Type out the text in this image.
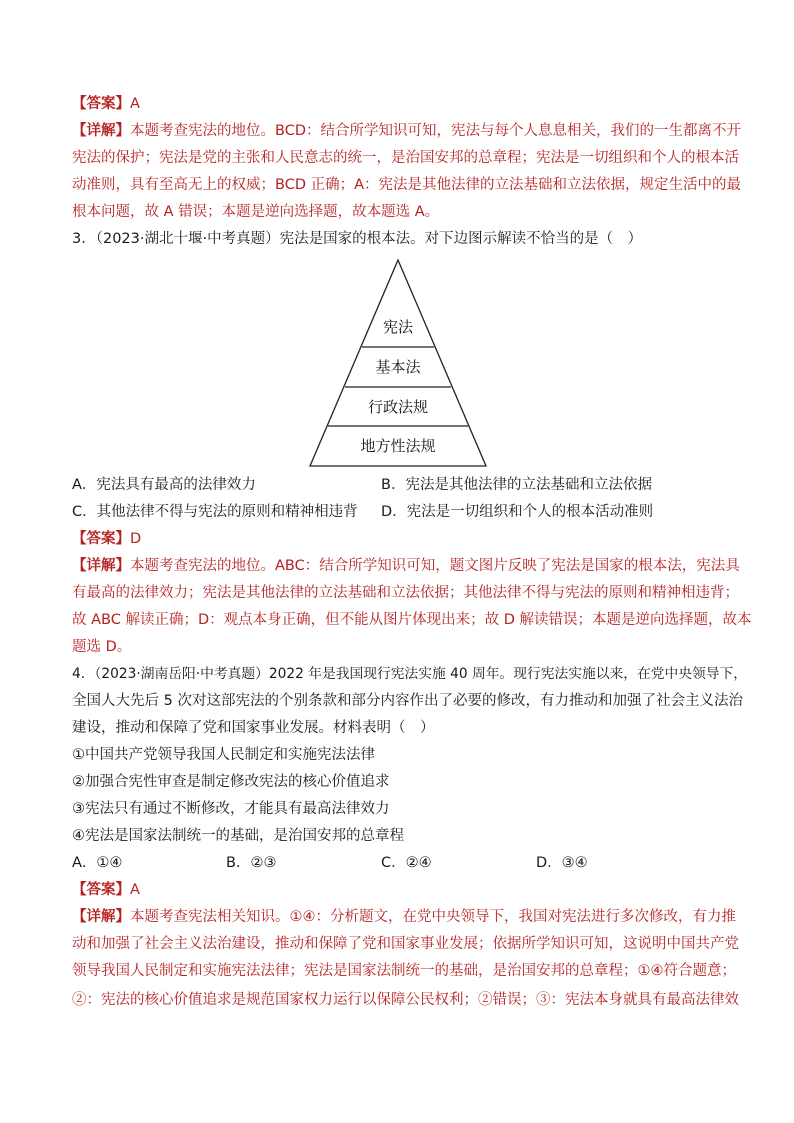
【答案】A
【详解】本题考查宪法的地位。BCD：结合所学知识可知，宪法与每个人息息相关，我们的一生都离不开
宪法的保护；宪法是党的主张和人民意志的统一，是治国安邦的总章程；宪法是一切组织和个人的根本活
动准则，具有至高无上的权威；BCD 正确；A：宪法是其他法律的立法基础和立法依据，规定生活中的最
根本问题，故 A 错误；本题是逆向选择题，故本题选 A。
3．（2023·湖北十堰·中考真题）宪法是国家的根本法。对下边图示解读不恰当的是（　）
宪法
基本法
行政法规
地方性法规
A．宪法具有最高的法律效力	B．宪法是其他法律的立法基础和立法依据
C．其他法律不得与宪法的原则和精神相违背 D．宪法是一切组织和个人的根本活动准则
【答案】D
【详解】本题考查宪法的地位。ABC：结合所学知识可知，题文图片反映了宪法是国家的根本法，宪法具
有最高的法律效力；宪法是其他法律的立法基础和立法依据；其他法律不得与宪法的原则和精神相违背；
故 ABC 解读正确；D：观点本身正确，但不能从图片体现出来；故 D 解读错误；本题是逆向选择题，故本
题选 D。
4．（2023·湖南岳阳·中考真题）2022 年是我国现行宪法实施 40 周年。现行宪法实施以来，在党中央领导下，
全国人大先后 5 次对这部宪法的个别条款和部分内容作出了必要的修改，有力推动和加强了社会主义法治
建设，推动和保障了党和国家事业发展。材料表明（　）
①中国共产党领导我国人民制定和实施宪法法律
②加强合宪性审查是制定修改宪法的核心价值追求
③宪法只有通过不断修改，才能具有最高法律效力
④宪法是国家法制统一的基础，是治国安邦的总章程
A．①④	B．②③	C．②④	D．③④
【答案】A
【详解】本题考查宪法相关知识。①④：分析题文，在党中央领导下，我国对宪法进行多次修改，有力推
动和加强了社会主义法治建设，推动和保障了党和国家事业发展；依据所学知识可知，这说明中国共产党
领导我国人民制定和实施宪法法律；宪法是国家法制统一的基础，是治国安邦的总章程；①④符合题意；
②：宪法的核心价值追求是规范国家权力运行以保障公民权利；②错误；③：宪法本身就具有最高法律效
